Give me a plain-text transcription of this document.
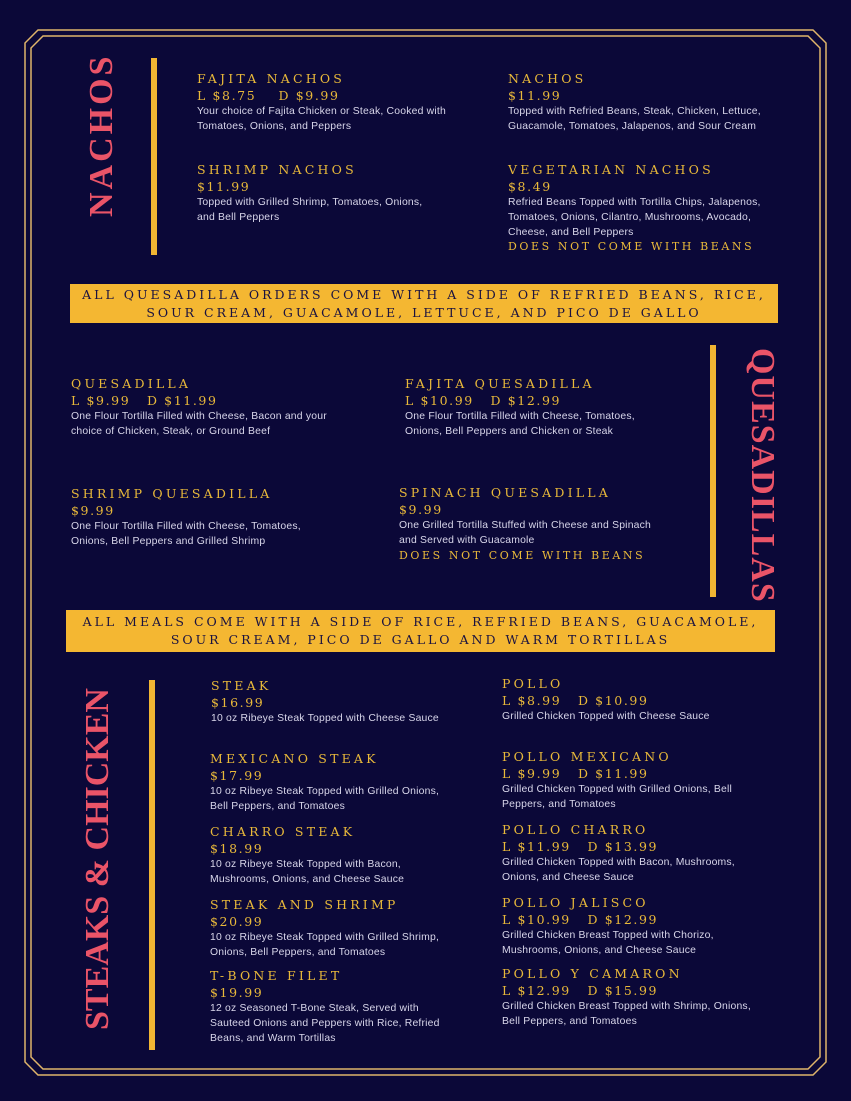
NACHOS
ALL QUESADILLA ORDERS COME WITH A SIDE OF REFRIED BEANS, RICE, SOUR CREAM, GUACAMOLE, LETTUCE, AND PICO DE GALLO
QUESADILLAS
ALL MEALS COME WITH A SIDE OF RICE, REFRIED BEANS, GUACAMOLE, SOUR CREAM, PICO DE GALLO AND WARM TORTILLAS
STEAKS & CHICKEN
FAJITA NACHOS
L $8.75    D $9.99
Your choice of Fajita Chicken or Steak, Cooked with Tomatoes, Onions, and Peppers
SHRIMP NACHOS
$11.99
Topped with Grilled Shrimp, Tomatoes, Onions, and Bell Peppers
NACHOS
$11.99
Topped with Refried Beans, Steak, Chicken, Lettuce, Guacamole, Tomatoes, Jalapenos, and Sour Cream
VEGETARIAN NACHOS
$8.49
Refried Beans Topped with Tortilla Chips, Jalapenos, Tomatoes, Onions, Cilantro, Mushrooms, Avocado, Cheese, and Bell Peppers
DOES NOT COME WITH BEANS
QUESADILLA
L $9.99   D $11.99
One Flour Tortilla Filled with Cheese, Bacon and your choice of Chicken, Steak, or Ground Beef
FAJITA QUESADILLA
L $10.99   D $12.99
One Flour Tortilla Filled with Cheese, Tomatoes, Onions, Bell Peppers and Chicken or Steak
SHRIMP QUESADILLA
$9.99
One Flour Tortilla Filled with Cheese, Tomatoes, Onions, Bell Peppers and Grilled Shrimp
SPINACH QUESADILLA
$9.99
One Grilled Tortilla Stuffed with Cheese and Spinach and Served with Guacamole
DOES NOT COME WITH BEANS
STEAK
$16.99
10 oz Ribeye Steak Topped with Cheese Sauce
MEXICANO STEAK
$17.99
10 oz Ribeye Steak Topped with Grilled Onions, Bell Peppers, and Tomatoes
CHARRO STEAK
$18.99
10 oz Ribeye Steak Topped with Bacon, Mushrooms, Onions, and Cheese Sauce
STEAK AND SHRIMP
$20.99
10 oz Ribeye Steak Topped with Grilled Shrimp, Onions, Bell Peppers, and Tomatoes
T-BONE FILET
$19.99
12 oz Seasoned T-Bone Steak, Served with Sauteed Onions and Peppers with Rice, Refried Beans, and Warm Tortillas
POLLO
L $8.99   D $10.99
Grilled Chicken Topped with Cheese Sauce
POLLO MEXICANO
L $9.99   D $11.99
Grilled Chicken Topped with Grilled Onions, Bell Peppers, and Tomatoes
POLLO CHARRO
L $11.99   D $13.99
Grilled Chicken Topped with Bacon, Mushrooms, Onions, and Cheese Sauce
POLLO JALISCO
L $10.99   D $12.99
Grilled Chicken Breast Topped with Chorizo, Mushrooms, Onions, and Cheese Sauce
POLLO Y CAMARON
L $12.99   D $15.99
Grilled Chicken Breast Topped with Shrimp, Onions, Bell Peppers, and Tomatoes
